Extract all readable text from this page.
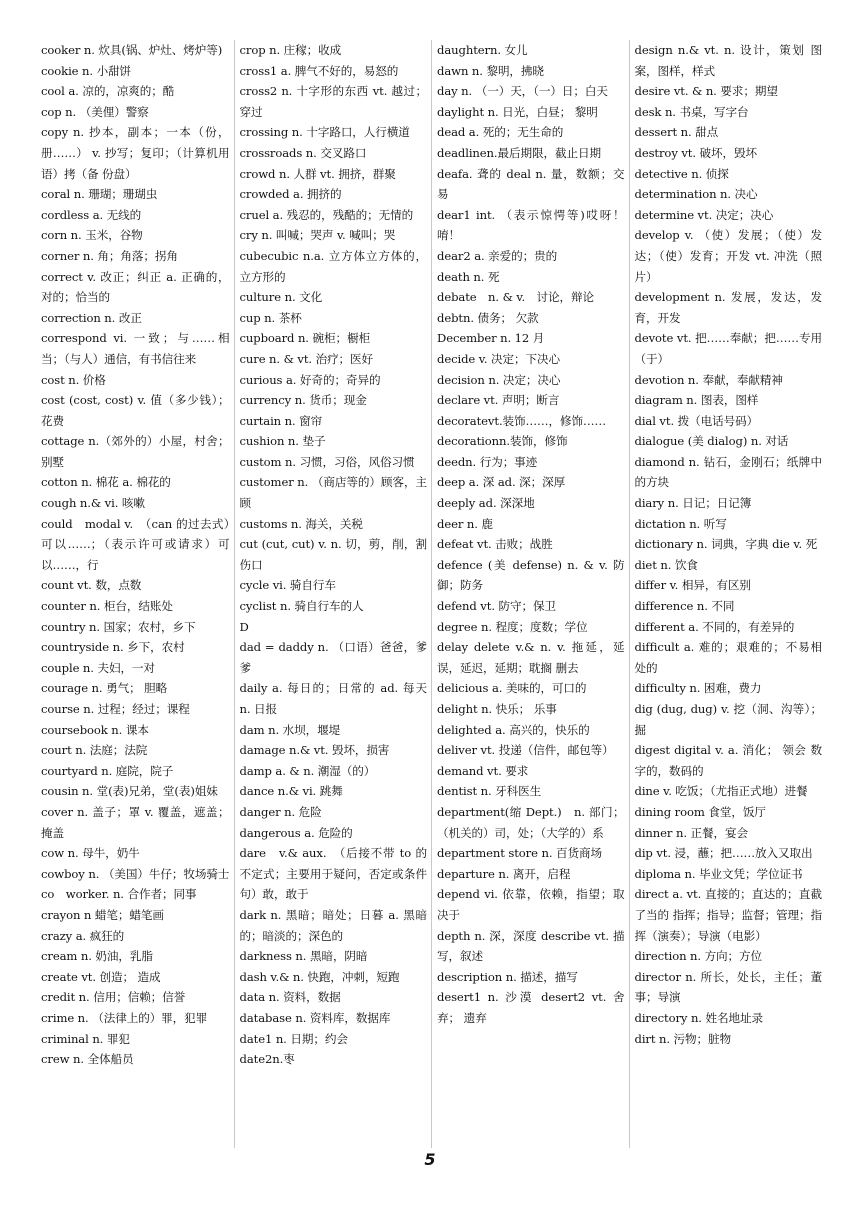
cooker n. 炊具(锅、炉灶、烤炉等)

cookie n. 小甜饼

cool a. 凉的，凉爽的；酷

cop n. （美俚）警察

copy n. 抄本，副本；一本（份，册……） v. 抄写；复印；（计算机用语）拷（备 份盘）

coral n. 珊瑚；珊瑚虫

cordless a. 无线的

corn n. 玉米，谷物

corner n. 角；角落；拐角

correct v. 改正；纠正 a. 正确的，对的；恰当的

correction n. 改正

correspond vi. 一致；与……相当；（与人）通信，有书信往来

cost n. 价格

cost (cost, cost) v. 值（多少钱）；花费

cottage n.（郊外的）小屋，村舍；别墅

cotton n. 棉花 a. 棉花的

cough n.& vi. 咳嗽

could　modal v.　（can 的过去式）可以……；（表示许可或请求）可以……，行

count vt. 数，点数

counter n. 柜台，结账处

country n. 国家；农村，乡下

countryside n. 乡下，农村

couple n. 夫妇，一对

courage n. 勇气； 胆略

course n. 过程；经过；课程

coursebook n. 课本

court n. 法庭；法院

courtyard n. 庭院，院子

cousin n. 堂(表)兄弟，堂(表)姐妹

cover n. 盖子；罩 v. 覆盖，遮盖；掩盖

cow n. 母牛，奶牛

cowboy n. （美国）牛仔；牧场骑士

co　worker. n. 合作者；同事

crayon n 蜡笔；蜡笔画

crazy a. 疯狂的

cream n. 奶油，乳脂

create vt. 创造； 造成

credit n. 信用；信赖；信誉

crime n. （法律上的）罪，犯罪

criminal n. 罪犯

crew n. 全体船员

crop n. 庄稼；收成

cross1 a. 脾气不好的，易怒的

cross2 n. 十字形的东西 vt. 越过；穿过

crossing n. 十字路口，人行横道

crossroads n. 交叉路口

crowd n. 人群 vt. 拥挤，群聚

crowded a. 拥挤的

cruel a. 残忍的，残酷的；无情的

cry n. 叫喊；哭声 v. 喊叫；哭

cubecubic n.a. 立方体立方体的，立方形的

culture n. 文化

cup n. 茶杯

cupboard n. 碗柜；橱柜

cure n. & vt. 治疗；医好

curious a. 好奇的；奇异的

currency n. 货币；现金

curtain n. 窗帘

cushion n. 垫子

custom n. 习惯，习俗，风俗习惯

customer n. （商店等的）顾客，主顾

customs n. 海关，关税

cut (cut, cut) v. n. 切，剪，削，割 伤口

cycle vi. 骑自行车

cyclist n. 骑自行车的人

D

dad = daddy n. （口语）爸爸，爹爹

daily a. 每日的；日常的 ad. 每天 n. 日报

dam n. 水坝，堰堤

damage n.& vt. 毁坏，损害

damp a. & n. 潮湿（的）

dance n.& vi. 跳舞

danger n. 危险

dangerous a. 危险的

dare　v.& aux.　（后接不带 to 的不定式；主要用于疑问，否定或条件句）敢，敢于

dark n. 黑暗；暗处；日暮 a. 黑暗的；暗淡的；深色的

darkness n. 黑暗，阴暗

dash v.& n. 快跑，冲刺，短跑

data n. 资料，数据

database n. 资料库，数据库

date1 n. 日期；约会

date2n.枣

daughtern. 女儿

dawn n. 黎明，拂晓

day n. （一）天，（一）日；白天

daylight n. 日光，白昼； 黎明

dead a. 死的；无生命的

deadlinen.最后期限，截止日期

deafa. 聋的 deal n. 量，数额；交易

dear1 int. （表示惊愕等)哎呀！唷！

dear2 a. 亲爱的；贵的

death n. 死

debate　n. & v.　讨论，辩论

debtn. 债务； 欠款

December n. 12 月

decide v. 决定；下决心

decision n. 决定；决心

declare vt. 声明；断言

decoratevt.装饰……，修饰……

decorationn.装饰，修饰

deedn. 行为；事迹

deep a. 深 ad. 深；深厚

deeply ad. 深深地

deer n. 鹿

defeat vt. 击败；战胜

defence (美 defense) n. & v. 防御；防务

defend vt. 防守；保卫

degree n. 程度；度数；学位

delay delete v.& n. v. 拖延，延误，延迟，延期；耽搁 删去

delicious a. 美味的，可口的

delight n. 快乐； 乐事

delighted a. 高兴的，快乐的

deliver vt. 投递（信件，邮包等）

demand vt. 要求

dentist n. 牙科医生

department(缩 Dept.)　n. 部门；（机关的）司，处；（大学的）系

department store n. 百货商场

departure n. 离开，启程

depend vi. 依靠，依赖，指望；取决于

depth n. 深，深度 describe vt. 描写，叙述

description n. 描述，描写

desert1 n. 沙漠 desert2 vt. 舍弃； 遗弃

design n.& vt. n. 设计，策划 图案，图样，样式

desire vt. & n. 要求；期望

desk n. 书桌，写字台

dessert n. 甜点

destroy vt. 破坏，毁坏

detective n. 侦探

determination n. 决心

determine vt. 决定；决心

develop v. （使）发展；（使）发达；（使）发育；开发 vt. 冲洗（照片）

development n. 发展，发达，发育，开发

devote vt. 把……奉献；把……专用（于）

devotion n. 奉献，奉献精神

diagram n. 图表，图样

dial vt. 拨（电话号码）

dialogue (美 dialog) n. 对话

diamond n. 钻石，金刚石；纸牌中的方块

diary n. 日记；日记簿

dictation n. 听写

dictionary n. 词典，字典 die v. 死

diet n. 饮食

differ v. 相异，有区别

difference n. 不同

different a. 不同的，有差异的

difficult a. 难的；艰难的；不易相处的

difficulty n. 困难，费力

dig (dug, dug) v. 挖（洞、沟等）；掘

digest digital v. a. 消化； 领会 数字的，数码的

dine v. 吃饭；（尤指正式地）进餐

dining room 食堂，饭厅

dinner n. 正餐，宴会

dip vt. 浸，蘸；把……放入又取出

diploma n. 毕业文凭；学位证书

direct a. vt. 直接的；直达的；直截了当的 指挥；指导；监督；管理；指挥（演奏）；导演（电影）

direction n. 方向；方位

director n. 所长，处长，主任；董事；导演

directory n. 姓名地址录

dirt n. 污物；脏物

5
